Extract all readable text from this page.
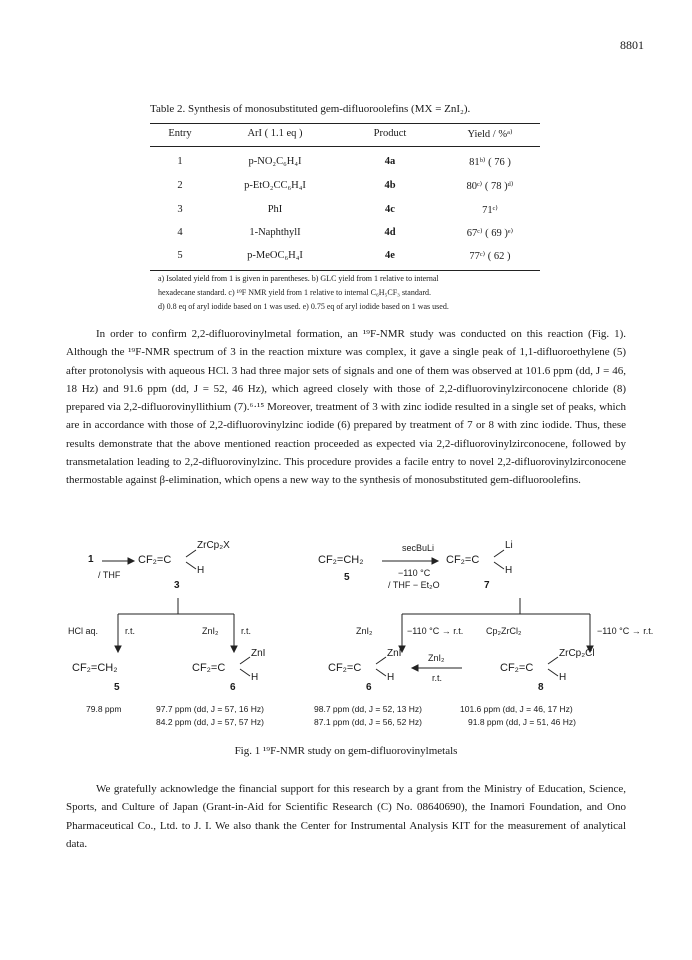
8801
Table 2. Synthesis of monosubstituted gem-difluoroolefins (MX = ZnI₂).
Entry	ArI ( 1.1 eq )	Product	Yield / %ᵃ⁾
1	p-NO₂C₆H₄I	4a	81ᵇ⁾ ( 76 )
2	p-EtO₂CC₆H₄I	4b	80ᶜ⁾ ( 78 )ᵈ⁾
3	PhI	4c	71ᶜ⁾
4	1-NaphthylI	4d	67ᶜ⁾ ( 69 )ᵉ⁾
5	p-MeOC₆H₄I	4e	77ᶜ⁾ ( 62 )
a) Isolated yield from 1 is given in parentheses. b) GLC yield from 1 relative to internal
hexadecane standard. c) ¹⁹F NMR yield from 1 relative to internal C₆H₅CF₃ standard.
d) 0.8 eq of aryl iodide based on 1 was used. e) 0.75 eq of aryl iodide based on 1 was used.

In order to confirm 2,2-difluorovinylmetal formation, an ¹⁹F-NMR study was conducted on this reaction (Fig. 1). Although the ¹⁹F-NMR spectrum of 3 in the reaction mixture was complex, it gave a single peak of 1,1-difluoroethylene (5) after protonolysis with aqueous HCl. 3 had three major sets of signals and one of them was observed at 101.6 ppm (dd, J = 46, 18 Hz) and 91.6 ppm (dd, J = 52, 46 Hz), which agreed closely with those of 2,2-difluorovinylzirconocene chloride (8) prepared via 2,2-difluorovinyllithium (7).⁶·¹⁵ Moreover, treatment of 3 with zinc iodide resulted in a single set of peaks, which are in accordance with those of 2,2-difluorovinylzinc iodide (6) prepared by treatment of 7 or 8 with zinc iodide. Thus, these results demonstrate that the above mentioned reaction proceeded as expected via 2,2-difluorovinylzirconocene, followed by transmetalation leading to 2,2-difluorovinylzinc. This procedure provides a facile entry to novel 2,2-difluorovinylzirconocene thermostable against β-elimination, which opens a new way to the synthesis of monosubstituted gem-difluoroolefins.

1
/ THF
CF₂=C
ZrCp₂X
H
3
CF₂=CH₂
5
secBuLi
−110 °C
/ THF − Et₂O
CF₂=C
Li
H
7
HCl aq.	r.t.	ZnI₂	r.t.	ZnI₂	−110 °C → r.t.	Cp₂ZrCl₂	−110 °C → r.t.
CF₂=CH₂
5
CF₂=C
ZnI
H
6
CF₂=C
ZnI
H
6
ZnI₂
r.t.
CF₂=C
ZrCp₂Cl
H
8
79.8 ppm	97.7 ppm (dd, J = 57, 16 Hz)
84.2 ppm (dd, J = 57, 57 Hz)
98.7 ppm (dd, J = 52, 13 Hz)
87.1 ppm (dd, J = 56, 52 Hz)
101.6 ppm (dd, J = 46, 17 Hz)
91.8 ppm (dd, J = 51, 46 Hz)
Fig. 1 ¹⁹F-NMR study on gem-difluorovinylmetals

We gratefully acknowledge the financial support for this research by a grant from the Ministry of Education, Science, Sports, and Culture of Japan (Grant-in-Aid for Scientific Research (C) No. 08640690), the Inamori Foundation, and Ono Pharmaceutical Co., Ltd. to J. I. We also thank the Center for Instrumental Analysis KIT for the measurement of analytical data.
